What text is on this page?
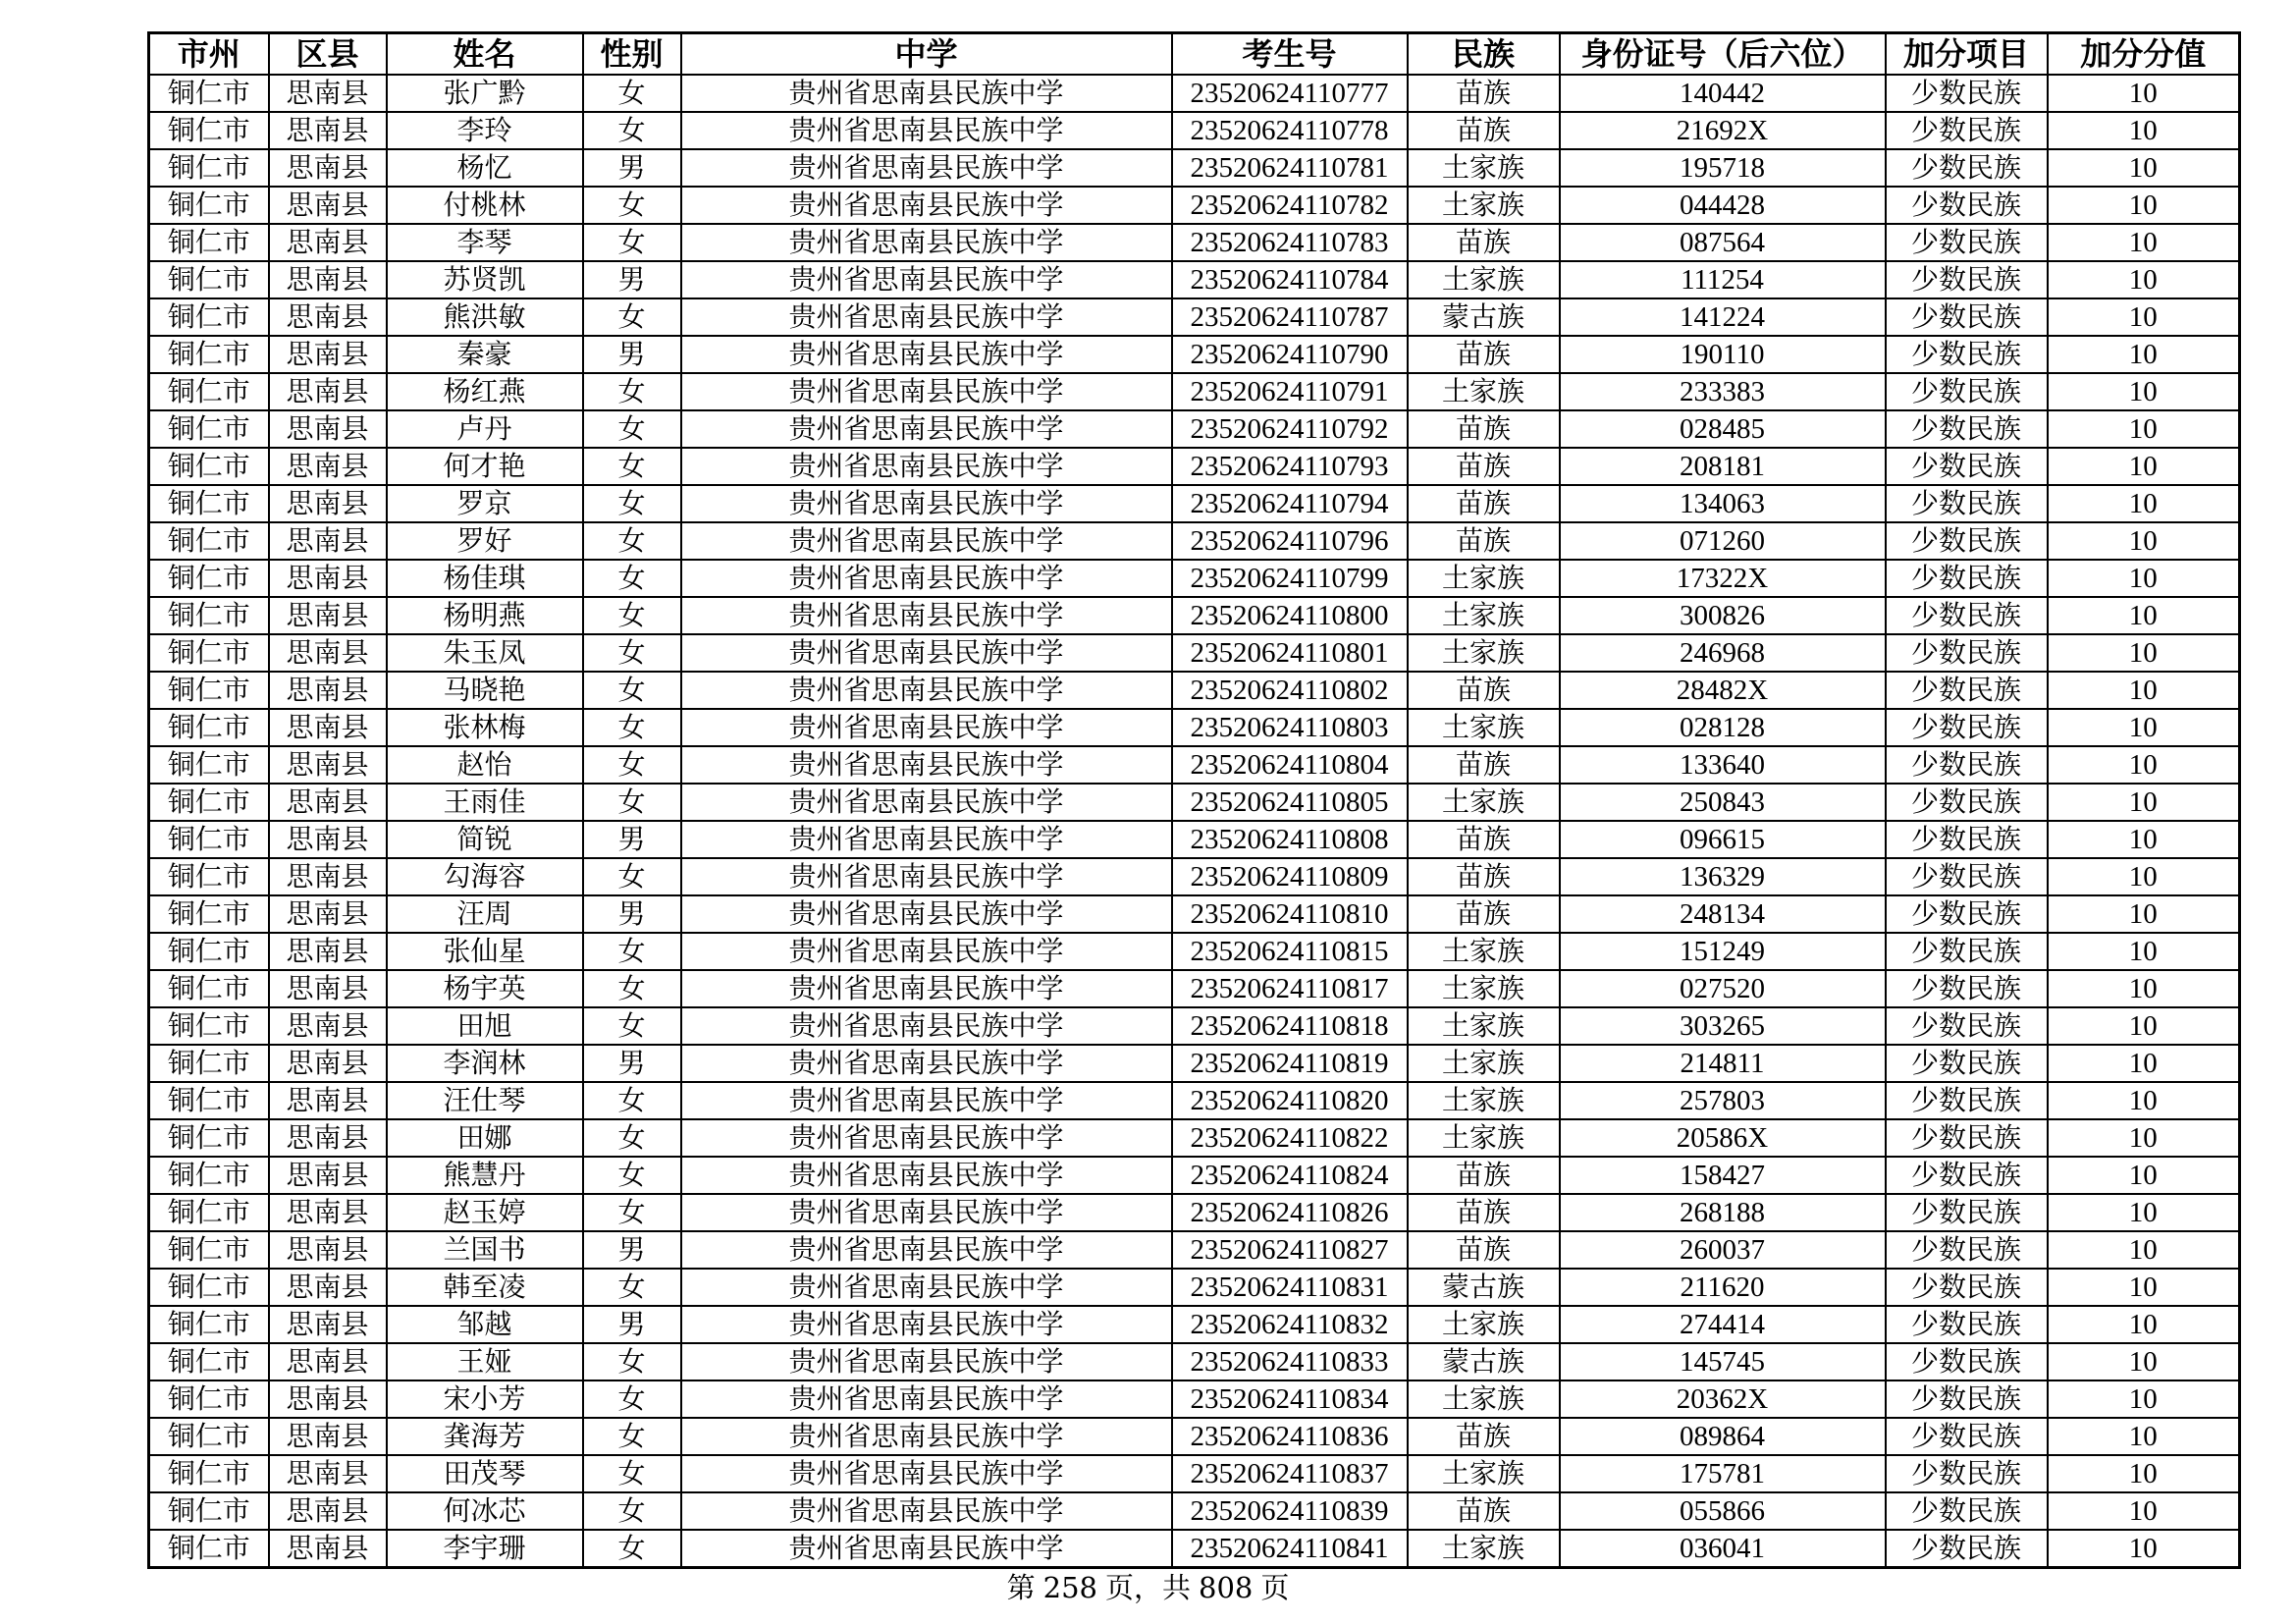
市州	区县	姓名	性别	中学	考生号	民族	身份证号（后六位）	加分项目	加分分值
铜仁市	思南县	张广黔	女	贵州省思南县民族中学	23520624110777	苗族	140442	少数民族	10
铜仁市	思南县	李玲	女	贵州省思南县民族中学	23520624110778	苗族	21692X	少数民族	10
铜仁市	思南县	杨忆	男	贵州省思南县民族中学	23520624110781	土家族	195718	少数民族	10
铜仁市	思南县	付桃林	女	贵州省思南县民族中学	23520624110782	土家族	044428	少数民族	10
铜仁市	思南县	李琴	女	贵州省思南县民族中学	23520624110783	苗族	087564	少数民族	10
铜仁市	思南县	苏贤凯	男	贵州省思南县民族中学	23520624110784	土家族	111254	少数民族	10
铜仁市	思南县	熊洪敏	女	贵州省思南县民族中学	23520624110787	蒙古族	141224	少数民族	10
铜仁市	思南县	秦豪	男	贵州省思南县民族中学	23520624110790	苗族	190110	少数民族	10
铜仁市	思南县	杨红燕	女	贵州省思南县民族中学	23520624110791	土家族	233383	少数民族	10
铜仁市	思南县	卢丹	女	贵州省思南县民族中学	23520624110792	苗族	028485	少数民族	10
铜仁市	思南县	何才艳	女	贵州省思南县民族中学	23520624110793	苗族	208181	少数民族	10
铜仁市	思南县	罗京	女	贵州省思南县民族中学	23520624110794	苗族	134063	少数民族	10
铜仁市	思南县	罗好	女	贵州省思南县民族中学	23520624110796	苗族	071260	少数民族	10
铜仁市	思南县	杨佳琪	女	贵州省思南县民族中学	23520624110799	土家族	17322X	少数民族	10
铜仁市	思南县	杨明燕	女	贵州省思南县民族中学	23520624110800	土家族	300826	少数民族	10
铜仁市	思南县	朱玉凤	女	贵州省思南县民族中学	23520624110801	土家族	246968	少数民族	10
铜仁市	思南县	马晓艳	女	贵州省思南县民族中学	23520624110802	苗族	28482X	少数民族	10
铜仁市	思南县	张林梅	女	贵州省思南县民族中学	23520624110803	土家族	028128	少数民族	10
铜仁市	思南县	赵怡	女	贵州省思南县民族中学	23520624110804	苗族	133640	少数民族	10
铜仁市	思南县	王雨佳	女	贵州省思南县民族中学	23520624110805	土家族	250843	少数民族	10
铜仁市	思南县	简锐	男	贵州省思南县民族中学	23520624110808	苗族	096615	少数民族	10
铜仁市	思南县	勾海容	女	贵州省思南县民族中学	23520624110809	苗族	136329	少数民族	10
铜仁市	思南县	汪周	男	贵州省思南县民族中学	23520624110810	苗族	248134	少数民族	10
铜仁市	思南县	张仙星	女	贵州省思南县民族中学	23520624110815	土家族	151249	少数民族	10
铜仁市	思南县	杨宇英	女	贵州省思南县民族中学	23520624110817	土家族	027520	少数民族	10
铜仁市	思南县	田旭	女	贵州省思南县民族中学	23520624110818	土家族	303265	少数民族	10
铜仁市	思南县	李润林	男	贵州省思南县民族中学	23520624110819	土家族	214811	少数民族	10
铜仁市	思南县	汪仕琴	女	贵州省思南县民族中学	23520624110820	土家族	257803	少数民族	10
铜仁市	思南县	田娜	女	贵州省思南县民族中学	23520624110822	土家族	20586X	少数民族	10
铜仁市	思南县	熊慧丹	女	贵州省思南县民族中学	23520624110824	苗族	158427	少数民族	10
铜仁市	思南县	赵玉婷	女	贵州省思南县民族中学	23520624110826	苗族	268188	少数民族	10
铜仁市	思南县	兰国书	男	贵州省思南县民族中学	23520624110827	苗族	260037	少数民族	10
铜仁市	思南县	韩至凌	女	贵州省思南县民族中学	23520624110831	蒙古族	211620	少数民族	10
铜仁市	思南县	邹越	男	贵州省思南县民族中学	23520624110832	土家族	274414	少数民族	10
铜仁市	思南县	王娅	女	贵州省思南县民族中学	23520624110833	蒙古族	145745	少数民族	10
铜仁市	思南县	宋小芳	女	贵州省思南县民族中学	23520624110834	土家族	20362X	少数民族	10
铜仁市	思南县	龚海芳	女	贵州省思南县民族中学	23520624110836	苗族	089864	少数民族	10
铜仁市	思南县	田茂琴	女	贵州省思南县民族中学	23520624110837	土家族	175781	少数民族	10
铜仁市	思南县	何冰芯	女	贵州省思南县民族中学	23520624110839	苗族	055866	少数民族	10
铜仁市	思南县	李宇珊	女	贵州省思南县民族中学	23520624110841	土家族	036041	少数民族	10
第 258 页，共 808 页
